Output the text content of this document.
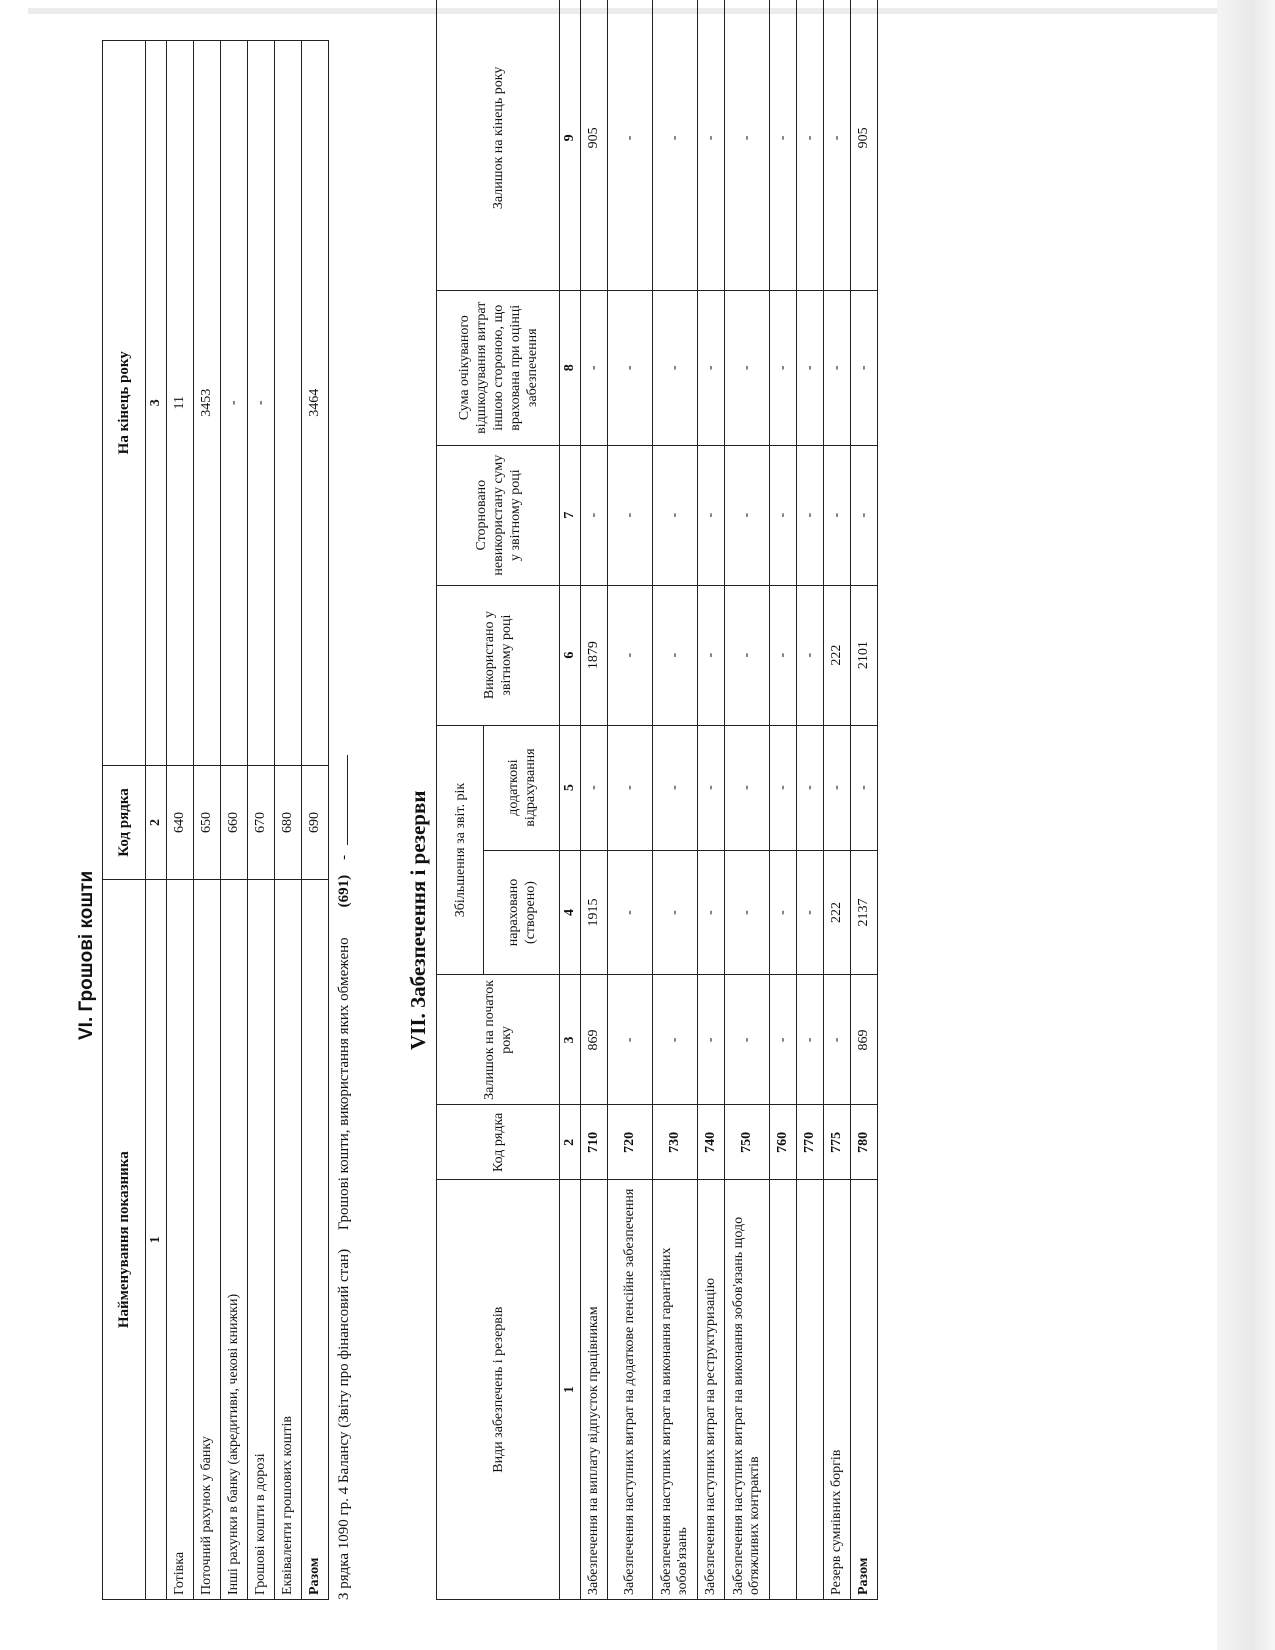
VI. Грошові кошти
Найменування показника	Код рядка	На кінець року
1	2	3
Готівка	640	11
Поточний рахунок у банку	650	3453
Інші рахунки в банку (акредитиви, чекові книжки)	660	-
Грошові кошти в дорозі	670	-
Еквіваленти грошових коштів	680	
Разом	690	3464
З рядка 1090 гр. 4 Балансу (Звіту про фінансовий стан)     Грошові кошти, використання яких обмежено        (691)    -	VII. Забезпечення і резерви
Види забезпечень і резервів	Код рядка	Залишок на початок року	Збільшення за звіт. рік		Використано у звітному році	Сторновано невикористану суму у звітному році	Сума очікуваного відшкодування витрат іншою стороною, що врахована при оцінці забезпечення	Залишок на кінець року
			нараховано (створено)	додаткові відрахування				
1	2	3	4	5	6	7	8	9
Забезпечення на виплату відпусток працівникам	710	869	1915	-	1879	-	-	905
Забезпечення наступних витрат на додаткове пенсійне забезпечення	720	-	-	-	-	-	-	-
Забезпечення наступних витрат на виконання гарантійних зобов'язань	730	-	-	-	-	-	-	-
Забезпечення наступних витрат на реструктуризацію	740	-	-	-	-	-	-	-
Забезпечення наступних витрат на виконання зобов'язань щодо обтяжливих контрактів	750	-	-	-	-	-	-	-
	760	-	-	-	-	-	-	-
	770	-	-	-	-	-	-	-
Резерв сумнівних боргів	775	-	222	-	222	-	-	-
Разом	780	869	2137	-	2101	-	-	905
